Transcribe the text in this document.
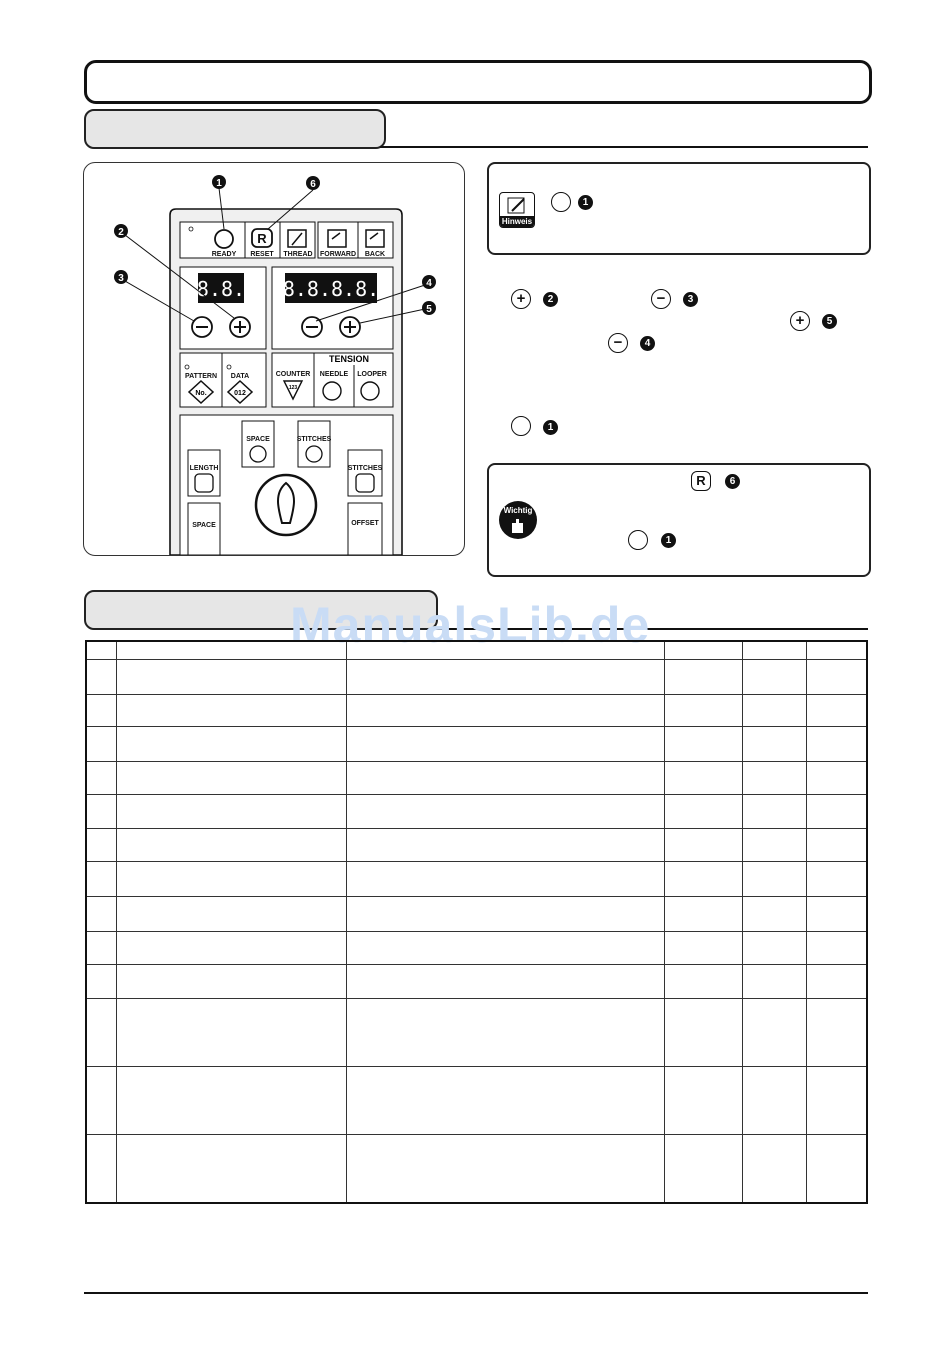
READY
R
RESET THREAD FORWARD BACK
8.8. 8.8.8.8.
PATTERN
No.
DATA
012
TENSION
COUNTER
123
NEEDLE LOOPER
SPACE	STITCHES
LENGTH	STITCHES
SPACE	OFFSET
1	6
2
3	4
5
Hinweis
1
+	2	−	3
+	5
−	4
1
Wichtig
R	6
1
ManualsLib.de
